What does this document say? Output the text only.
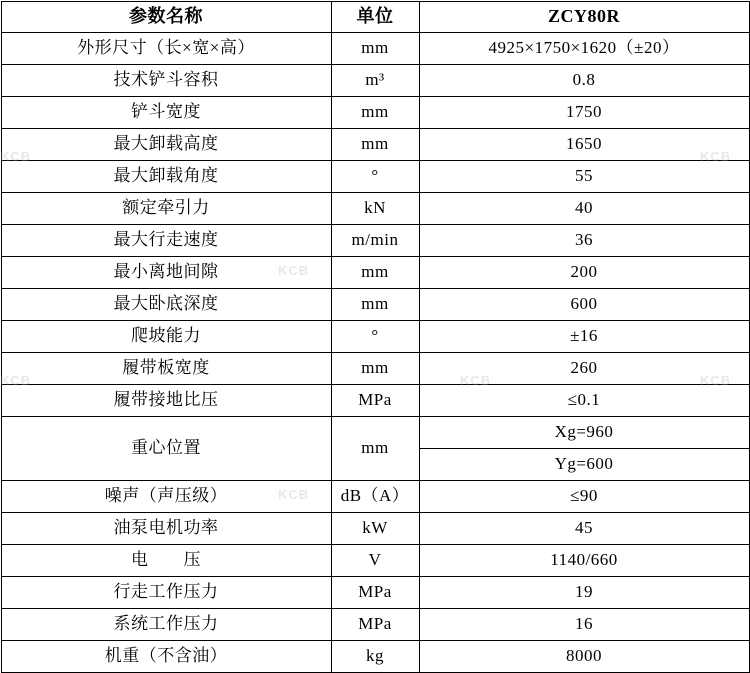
参数名称	单位	ZCY80R
外形尺寸（长×宽×高）	mm	4925×1750×1620（±20）
技术铲斗容积	m³	0.8
铲斗宽度	mm	1750
最大卸载高度	mm	1650
最大卸载角度	°	55
额定牵引力	kN	40
最大行走速度	m/min	36
最小离地间隙	mm	200
最大卧底深度	mm	600
爬坡能力	°	±16
履带板宽度	mm	260
履带接地比压	MPa	≤0.1
重心位置	mm	Xg=960
		Yg=600
噪声（声压级）	dB（A）	≤90
油泵电机功率	kW	45
电　　压	V	1140/660
行走工作压力	MPa	19
系统工作压力	MPa	16
机重（不含油）	kg	8000
KCB
KCB
KCB
KCB	KCB	KCB
KCB
